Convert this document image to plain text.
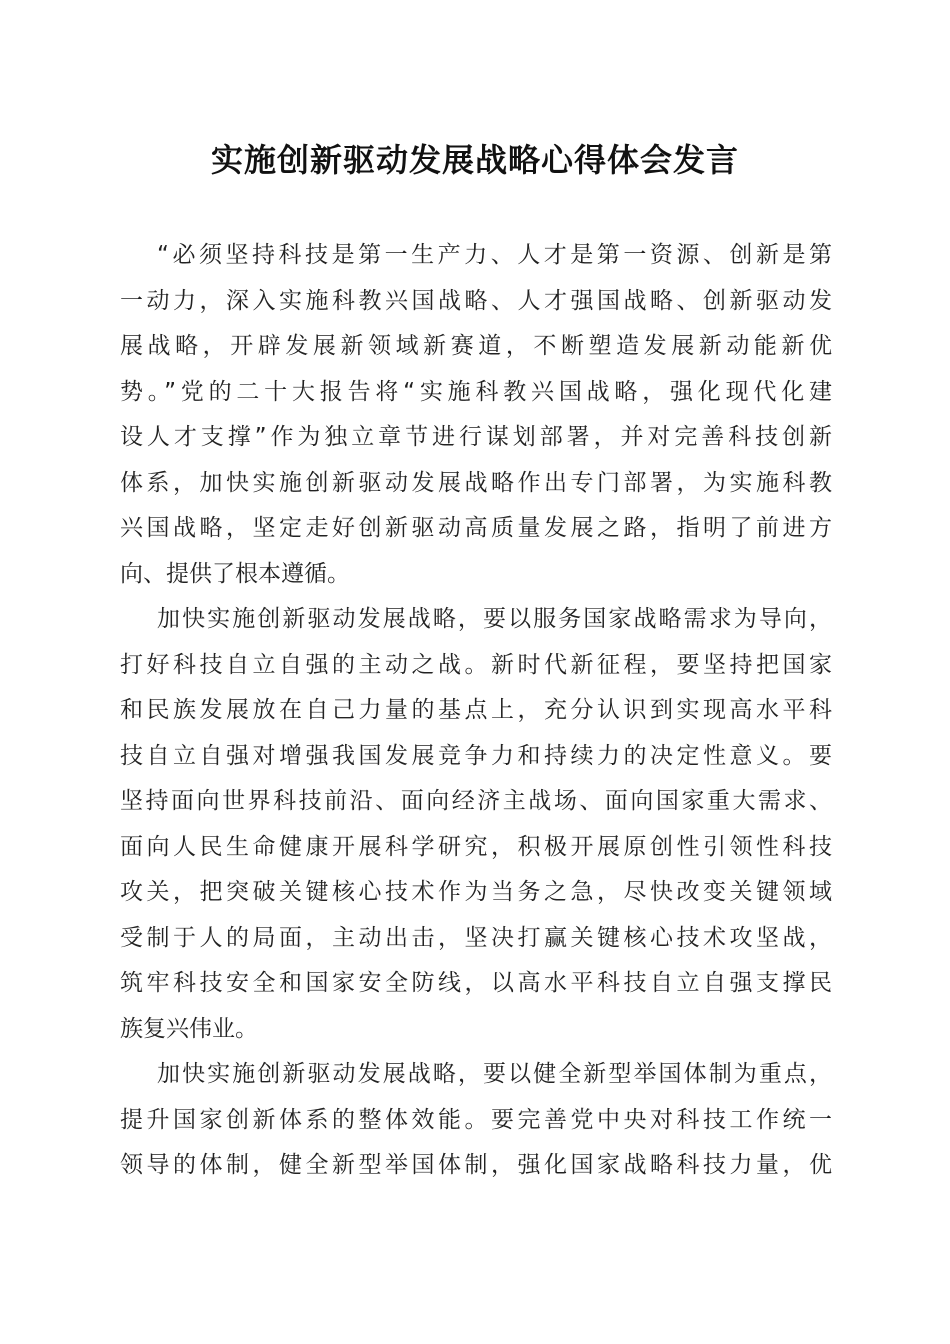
实施创新驱动发展战略心得体会发言
“必须坚持科技是第一生产力、人才是第一资源、创新是第
一动力，深入实施科教兴国战略、人才强国战略、创新驱动发
展战略，开辟发展新领域新赛道，不断塑造发展新动能新优
势。”党的二十大报告将“实施科教兴国战略，强化现代化建
设人才支撑”作为独立章节进行谋划部署，并对完善科技创新
体系，加快实施创新驱动发展战略作出专门部署，为实施科教
兴国战略，坚定走好创新驱动高质量发展之路，指明了前进方
向、提供了根本遵循。
加快实施创新驱动发展战略，要以服务国家战略需求为导向，
打好科技自立自强的主动之战。新时代新征程，要坚持把国家
和民族发展放在自己力量的基点上，充分认识到实现高水平科
技自立自强对增强我国发展竞争力和持续力的决定性意义。要
坚持面向世界科技前沿、面向经济主战场、面向国家重大需求、
面向人民生命健康开展科学研究，积极开展原创性引领性科技
攻关，把突破关键核心技术作为当务之急，尽快改变关键领域
受制于人的局面，主动出击，坚决打赢关键核心技术攻坚战，
筑牢科技安全和国家安全防线，以高水平科技自立自强支撑民
族复兴伟业。
加快实施创新驱动发展战略，要以健全新型举国体制为重点，
提升国家创新体系的整体效能。要完善党中央对科技工作统一
领导的体制，健全新型举国体制，强化国家战略科技力量，优
